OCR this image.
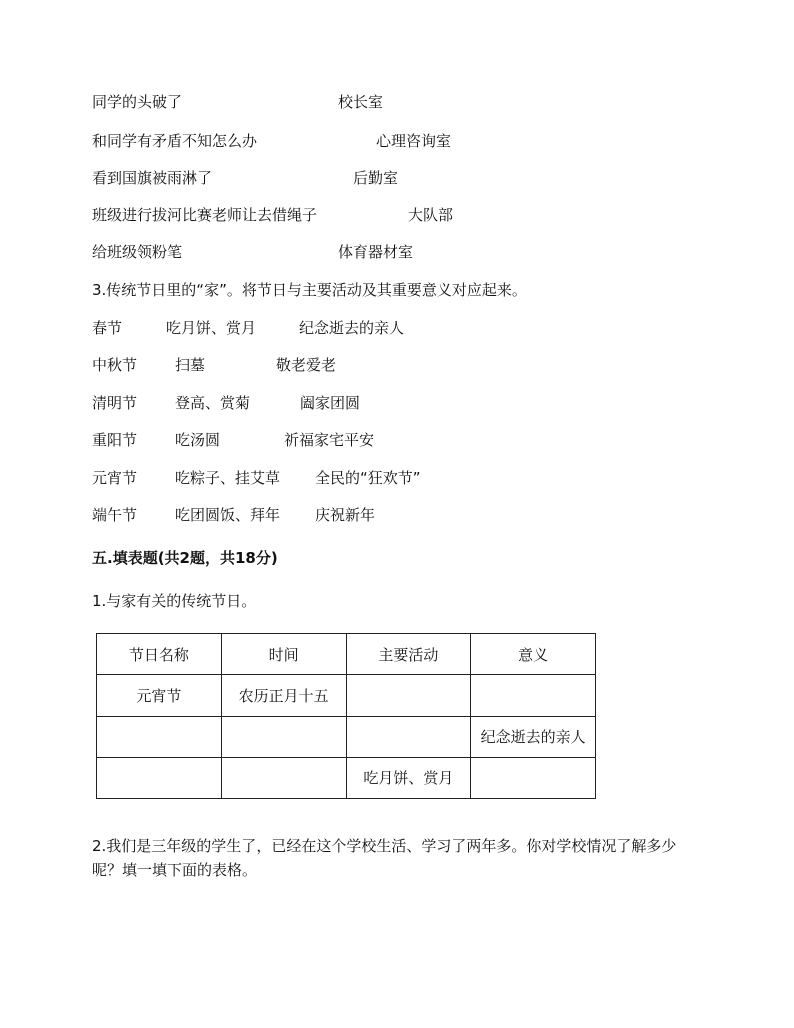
同学的头破了	校长室
和同学有矛盾不知怎么办	心理咨询室
看到国旗被雨淋了	后勤室
班级进行拔河比赛老师让去借绳子	大队部
给班级领粉笔	体育器材室
3.传统节日里的“家”。将节日与主要活动及其重要意义对应起来。
春节	吃月饼、赏月	纪念逝去的亲人
中秋节	扫墓	敬老爱老
清明节	登高、赏菊	阖家团圆
重阳节	吃汤圆	祈福家宅平安
元宵节	吃粽子、挂艾草 全民的“狂欢节”
端午节	吃团圆饭、拜年 庆祝新年
五.填表题(共2题，共18分)
1.与家有关的传统节日。
节日名称	时间	主要活动	意义
元宵节	农历正月十五		
			纪念逝去的亲人
		吃月饼、赏月	
2.我们是三年级的学生了，已经在这个学校生活、学习了两年多。你对学校情况了解多少
呢？填一填下面的表格。
